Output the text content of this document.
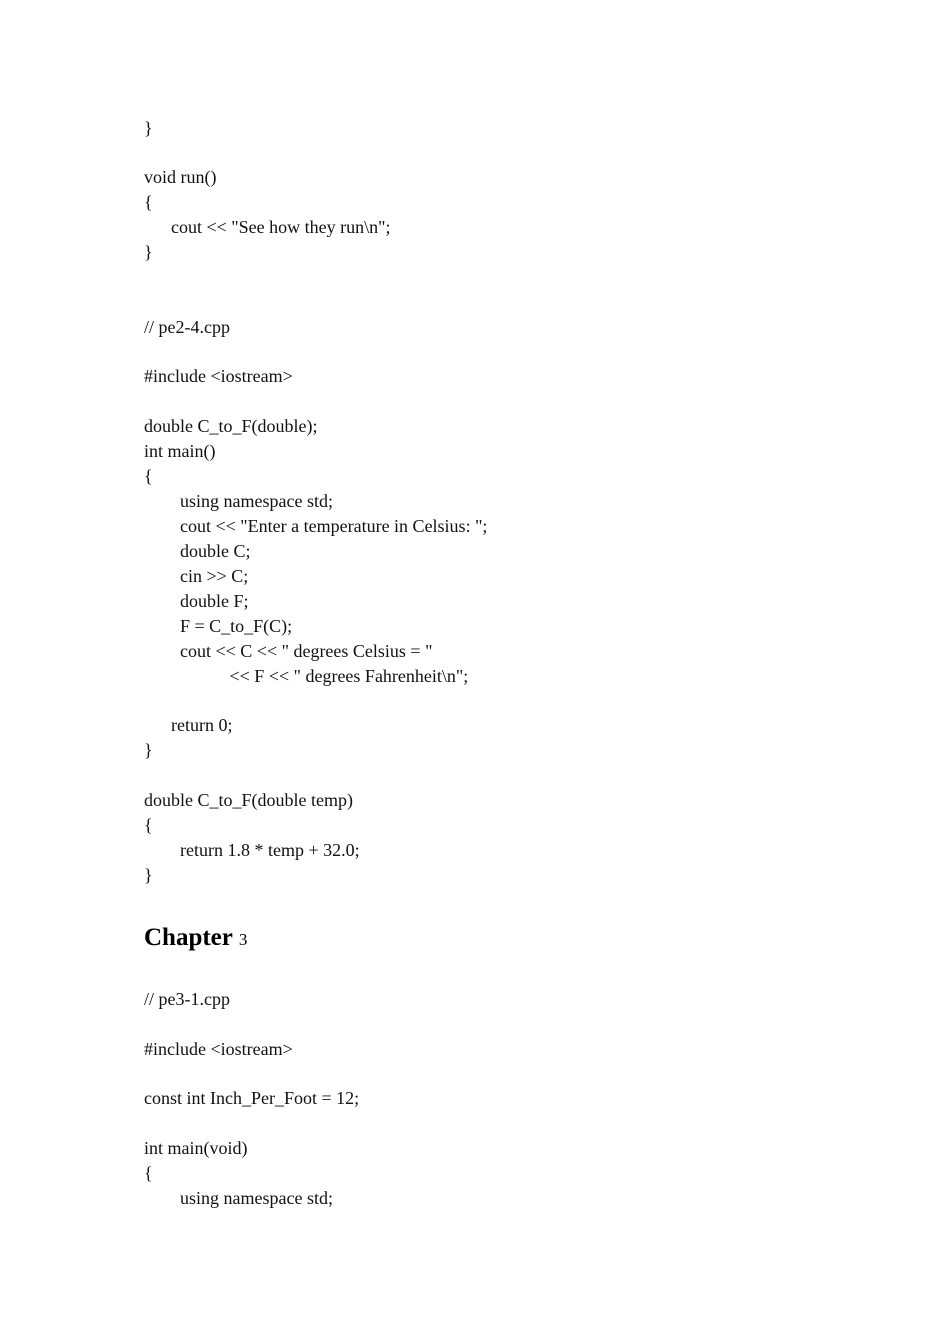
}
void run()
{
cout << "See how they run\n";
}
// pe2-4.cpp
#include <iostream>
double C_to_F(double);
int main()
{
using namespace std;
cout << "Enter a temperature in Celsius: ";
double C;
cin >> C;
double F;
F = C_to_F(C);
cout << C << " degrees Celsius = "
<< F << " degrees Fahrenheit\n";
return 0;
}
double C_to_F(double temp)
{
return 1.8 * temp + 32.0;
}
Chapter 3
// pe3-1.cpp
#include <iostream>
const int Inch_Per_Foot = 12;
int main(void)
{
using namespace std;
